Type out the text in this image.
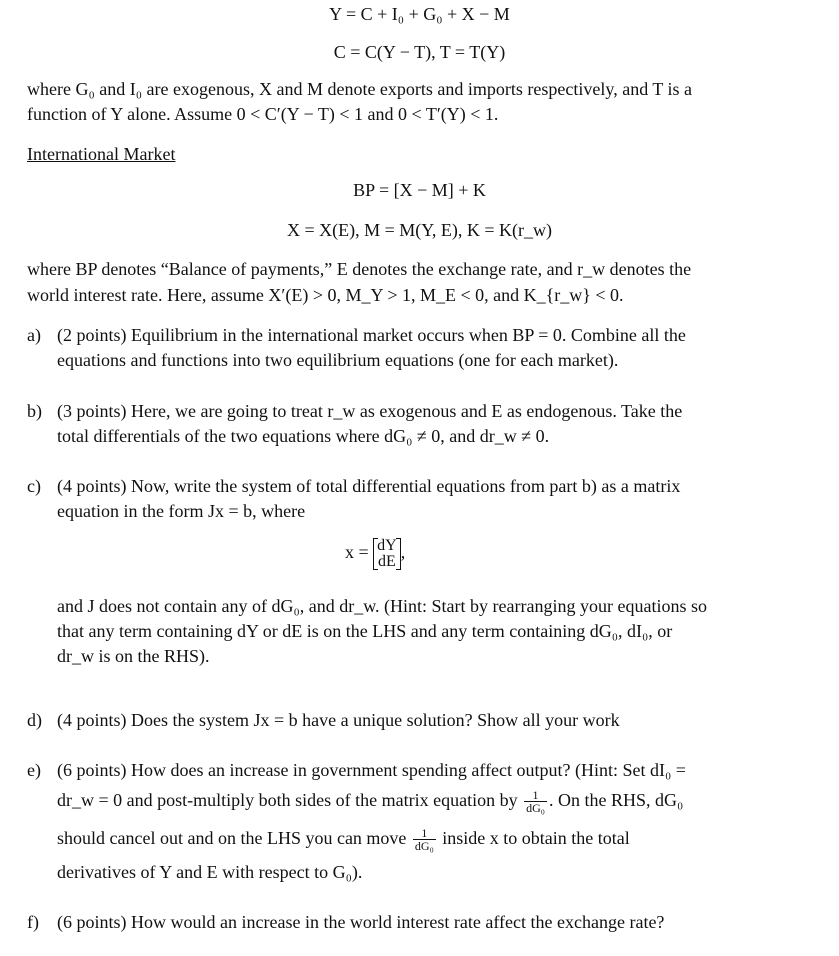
Y = C + I₀ + G₀ + X − M
C = C(Y − T), T = T(Y)
where G₀ and I₀ are exogenous, X and M denote exports and imports respectively, and T is a
function of Y alone. Assume 0 < C′(Y − T) < 1 and 0 < T′(Y) < 1.
International Market
BP = [X − M] + K
X = X(E), M = M(Y, E), K = K(r_w)
where BP denotes “Balance of payments,” E denotes the exchange rate, and r_w denotes the
world interest rate. Here, assume X′(E) > 0, M_Y > 1, M_E < 0, and K_{r_w} < 0.
a) (2 points) Equilibrium in the international market occurs when BP = 0. Combine all the
equations and functions into two equilibrium equations (one for each market).
b) (3 points) Here, we are going to treat r_w as exogenous and E as endogenous. Take the
total differentials of the two equations where dG₀ ≠ 0, and dr_w ≠ 0.
c) (4 points) Now, write the system of total differential equations from part b) as a matrix
equation in the form Jx = b, where
x = dY
dE ,
and J does not contain any of dG₀, and dr_w. (Hint: Start by rearranging your equations so
that any term containing dY or dE is on the LHS and any term containing dG₀, dI₀, or
dr_w is on the RHS).
d) (4 points) Does the system Jx = b have a unique solution? Show all your work
e) (6 points) How does an increase in government spending affect output? (Hint: Set dI₀ =
dr_w = 0 and post-multiply both sides of the matrix equation by $\frac{1}{\text{dG₀}}$ . On the RHS, dG₀
should cancel out and on the LHS you can move $\frac{1}{\text{dG₀}}$ inside x to obtain the total
derivatives of Y and E with respect to G₀).
f) (6 points) How would an increase in the world interest rate affect the exchange rate?
